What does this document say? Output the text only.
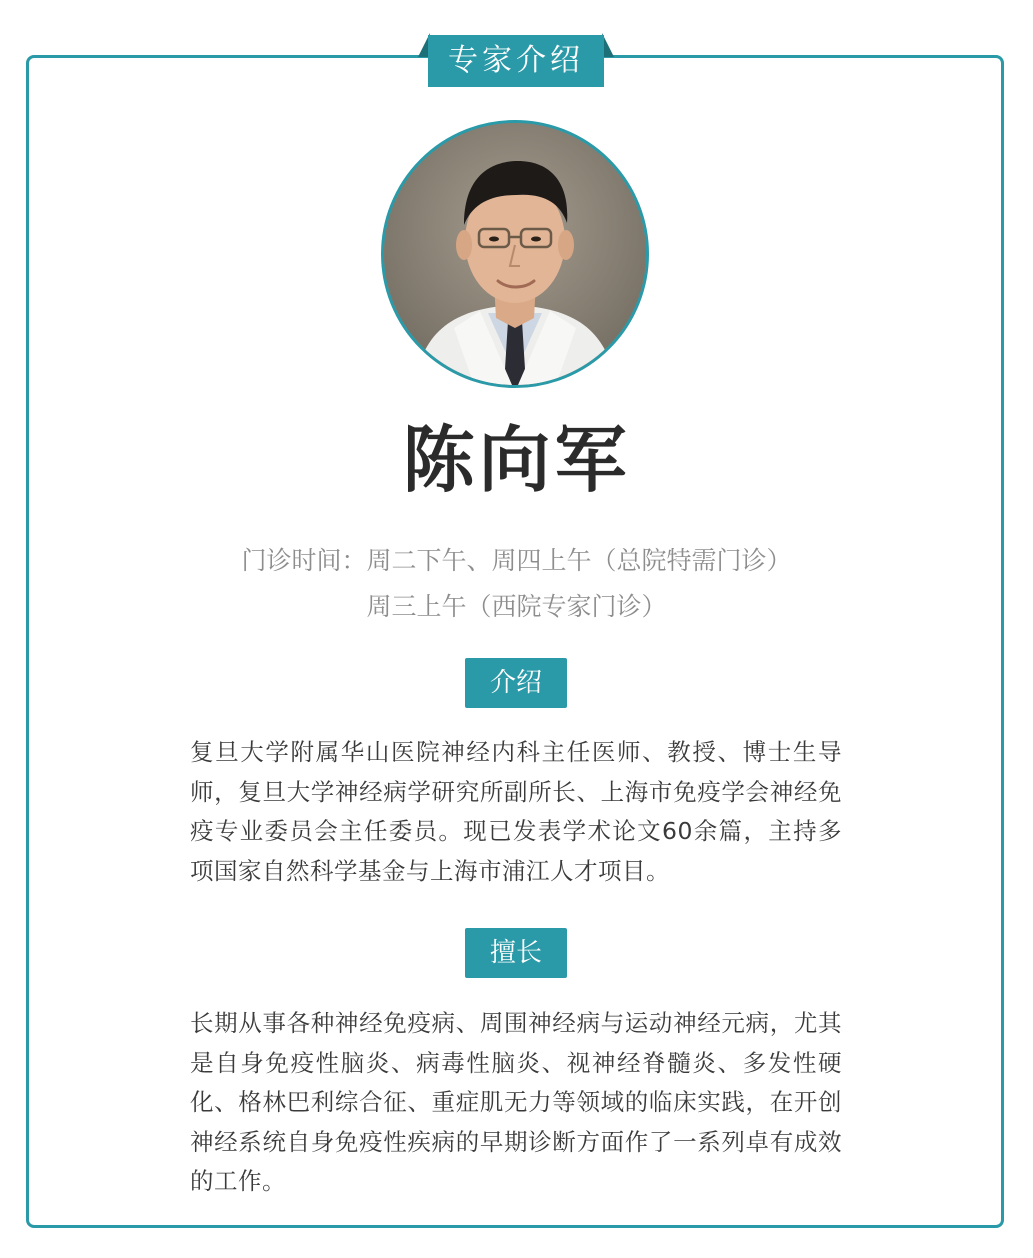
专家介绍
陈向军
门诊时间：周二下午、周四上午（总院特需门诊）
周三上午（西院专家门诊）
介绍
复旦大学附属华山医院神经内科主任医师、教授、博士生导师，复旦大学神经病学研究所副所长、上海市免疫学会神经免疫专业委员会主任委员。现已发表学术论文60余篇，主持多项国家自然科学基金与上海市浦江人才项目。
擅长
长期从事各种神经免疫病、周围神经病与运动神经元病，尤其是自身免疫性脑炎、病毒性脑炎、视神经脊髓炎、多发性硬化、格林巴利综合征、重症肌无力等领域的临床实践，在开创神经系统自身免疫性疾病的早期诊断方面作了一系列卓有成效的工作。
